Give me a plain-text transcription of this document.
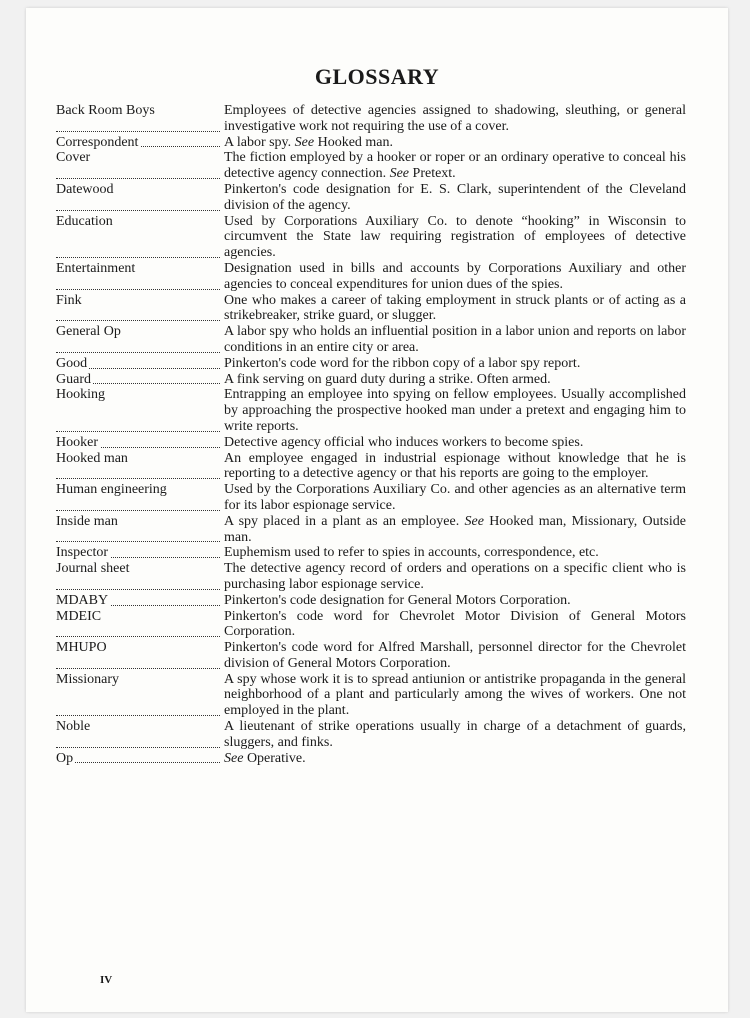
GLOSSARY
Back Room Boys	Employees of detective agencies assigned to shadowing, sleuthing, or general investigative work not requiring the use of a cover.
Correspondent	A labor spy. See Hooked man.
Cover	The fiction employed by a hooker or roper or an ordinary operative to conceal his detective agency connection. See Pretext.
Datewood	Pinkerton's code designation for E. S. Clark, superintendent of the Cleveland division of the agency.
Education	Used by Corporations Auxiliary Co. to denote “hooking” in Wisconsin to circumvent the State law requiring registration of employees of detective agencies.
Entertainment	Designation used in bills and accounts by Corporations Auxiliary and other agencies to conceal expenditures for union dues of the spies.
Fink	One who makes a career of taking employment in struck plants or of acting as a strikebreaker, strike guard, or slugger.
General Op	A labor spy who holds an influential position in a labor union and reports on labor conditions in an entire city or area.
Good	Pinkerton's code word for the ribbon copy of a labor spy report.
Guard	A fink serving on guard duty during a strike. Often armed.
Hooking	Entrapping an employee into spying on fellow employees. Usually accomplished by approaching the prospective hooked man under a pretext and engaging him to write reports.
Hooker	Detective agency official who induces workers to become spies.
Hooked man	An employee engaged in industrial espionage without knowledge that he is reporting to a detective agency or that his reports are going to the employer.
Human engineering	Used by the Corporations Auxiliary Co. and other agencies as an alternative term for its labor espionage service.
Inside man	A spy placed in a plant as an employee. See Hooked man, Missionary, Outside man.
Inspector	Euphemism used to refer to spies in accounts, correspondence, etc.
Journal sheet	The detective agency record of orders and operations on a specific client who is purchasing labor espionage service.
MDABY	Pinkerton's code designation for General Motors Corporation.
MDEIC	Pinkerton's code word for Chevrolet Motor Division of General Motors Corporation.
MHUPO	Pinkerton's code word for Alfred Marshall, personnel director for the Chevrolet division of General Motors Corporation.
Missionary	A spy whose work it is to spread antiunion or antistrike propaganda in the general neighborhood of a plant and particularly among the wives of workers. One not employed in the plant.
Noble	A lieutenant of strike operations usually in charge of a detachment of guards, sluggers, and finks.
Op	See Operative.
IV
